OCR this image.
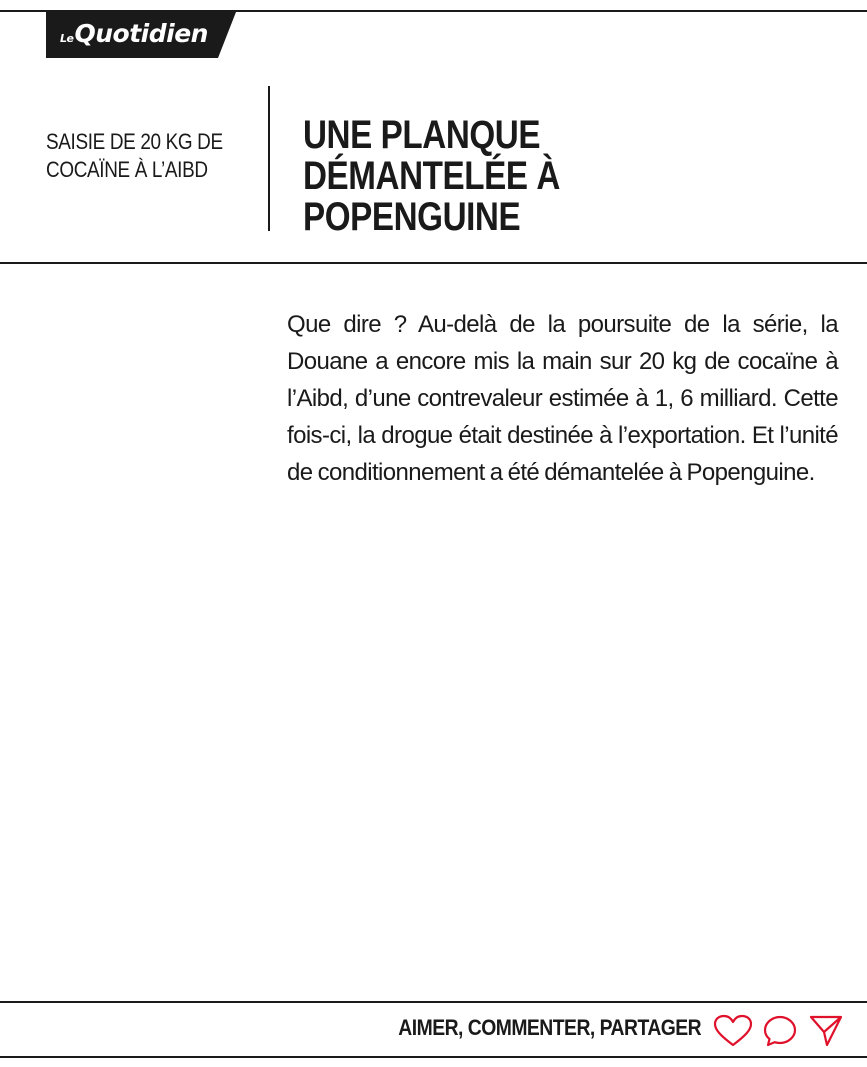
LeQuotidien
SAISIE DE 20 KG DE
COCAÏNE À L’AIBD
UNE PLANQUE DÉMANTELÉE À POPENGUINE

Que dire ? Au-delà de la poursuite de la série, la Douane a encore mis la main sur 20 kg de cocaïne à l’Aibd, d’une contrevaleur estimée à 1, 6 milliard. Cette fois-ci, la drogue était destinée à l’exportation. Et l’unité de conditionnement a été démantelée à Popenguine.

AIMER, COMMENTER, PARTAGER
